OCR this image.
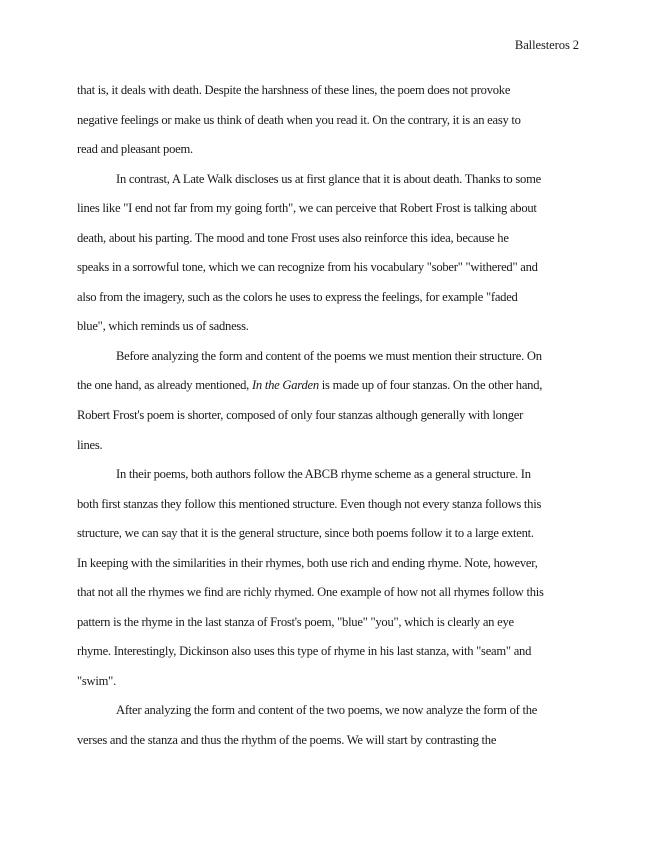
Ballesteros 2
that is, it deals with death. Despite the harshness of these lines, the poem does not provoke
negative feelings or make us think of death when you read it. On the contrary, it is an easy to
read and pleasant poem.
In contrast, A Late Walk discloses us at first glance that it is about death. Thanks to some
lines like "I end not far from my going forth", we can perceive that Robert Frost is talking about
death, about his parting. The mood and tone Frost uses also reinforce this idea, because he
speaks in a sorrowful tone, which we can recognize from his vocabulary "sober" "withered" and
also from the imagery, such as the colors he uses to express the feelings, for example "faded
blue", which reminds us of sadness.
Before analyzing the form and content of the poems we must mention their structure. On
the one hand, as already mentioned, In the Garden is made up of four stanzas. On the other hand,
Robert Frost's poem is shorter, composed of only four stanzas although generally with longer
lines.
In their poems, both authors follow the ABCB rhyme scheme as a general structure. In
both first stanzas they follow this mentioned structure. Even though not every stanza follows this
structure, we can say that it is the general structure, since both poems follow it to a large extent.
In keeping with the similarities in their rhymes, both use rich and ending rhyme. Note, however,
that not all the rhymes we find are richly rhymed. One example of how not all rhymes follow this
pattern is the rhyme in the last stanza of Frost's poem, "blue" "you", which is clearly an eye
rhyme. Interestingly, Dickinson also uses this type of rhyme in his last stanza, with "seam" and
"swim".
After analyzing the form and content of the two poems, we now analyze the form of the
verses and the stanza and thus the rhythm of the poems. We will start by contrasting the
